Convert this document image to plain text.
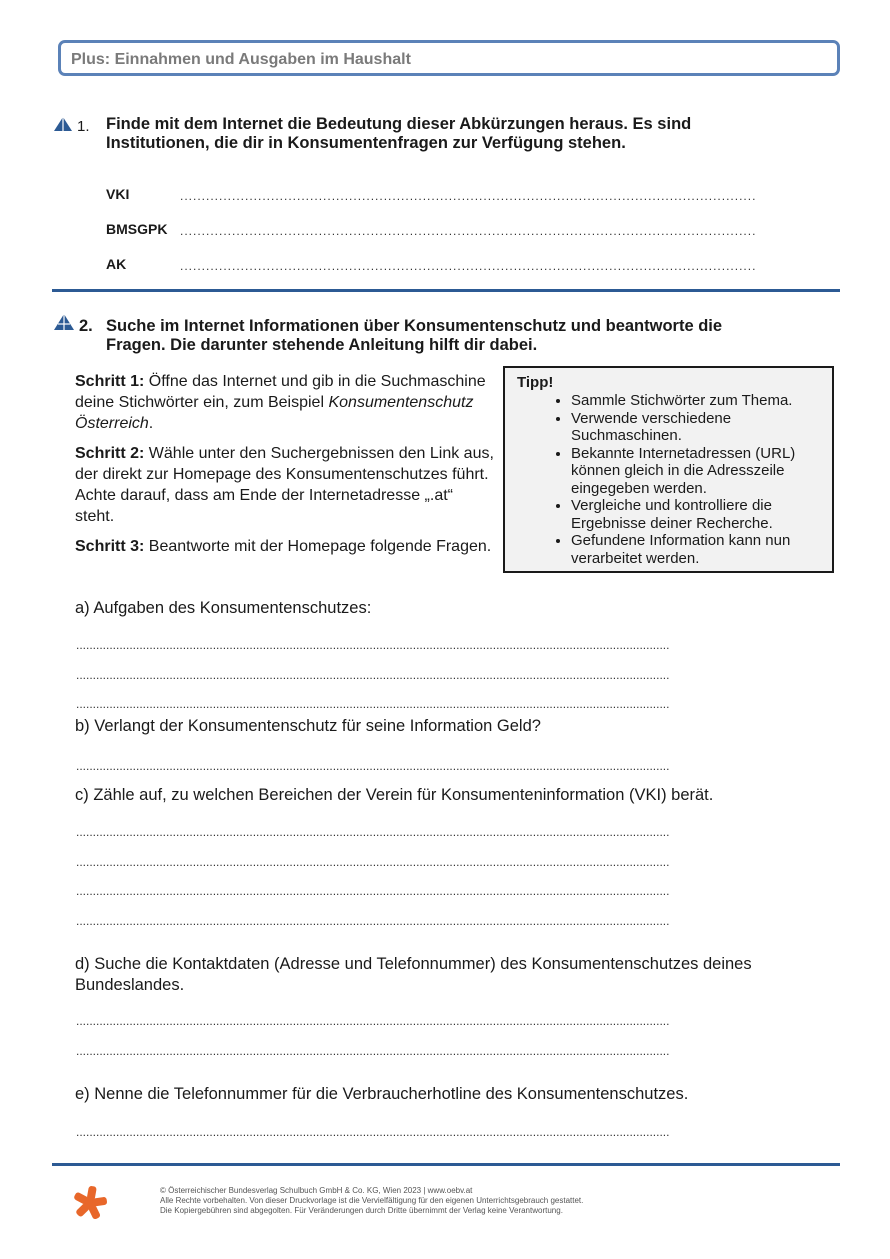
Plus: Einnahmen und Ausgaben im Haushalt
1. Finde mit dem Internet die Bedeutung dieser Abkürzungen heraus. Es sind
Institutionen, die dir in Konsumentenfragen zur Verfügung stehen.
VKI	.....................................................................................................................................
BMSGPK .....................................................................................................................................
AK	.....................................................................................................................................
2. Suche im Internet Informationen über Konsumentenschutz und beantworte die
Fragen. Die darunter stehende Anleitung hilft dir dabei.
Schritt 1: Öffne das Internet und gib in die Suchmaschine deine Stichwörter ein, zum Beispiel Konsumentenschutz Österreich.
Schritt 2: Wähle unter den Suchergebnissen den Link aus, der direkt zur Homepage des Konsumentenschutzes führt. Achte darauf, dass am Ende der Internetadresse „.at“ steht.
Schritt 3: Beantworte mit der Homepage folgende Fragen.
Tipp!
• Sammle Stichwörter zum Thema.
• Verwende verschiedene Suchmaschinen.
• Bekannte Internetadressen (URL) können gleich in die Adresszeile eingegeben werden.
• Vergleiche und kontrolliere die Ergebnisse deiner Recherche.
• Gefundene Information kann nun verarbeitet werden.
a) Aufgaben des Konsumentenschutzes:
..................................................................................................................................................................................
..................................................................................................................................................................................
..................................................................................................................................................................................
b) Verlangt der Konsumentenschutz für seine Information Geld?
..................................................................................................................................................................................
c) Zähle auf, zu welchen Bereichen der Verein für Konsumenteninformation (VKI) berät.
..................................................................................................................................................................................
..................................................................................................................................................................................
..................................................................................................................................................................................
..................................................................................................................................................................................
d) Suche die Kontaktdaten (Adresse und Telefonnummer) des Konsumentenschutzes deines
Bundeslandes.
..................................................................................................................................................................................
..................................................................................................................................................................................
e) Nenne die Telefonnummer für die Verbraucherhotline des Konsumentenschutzes.
..................................................................................................................................................................................
© Österreichischer Bundesverlag Schulbuch GmbH & Co. KG, Wien 2023 | www.oebv.at
Alle Rechte vorbehalten. Von dieser Druckvorlage ist die Vervielfältigung für den eigenen Unterrichtsgebrauch gestattet.
Die Kopiergebühren sind abgegolten. Für Veränderungen durch Dritte übernimmt der Verlag keine Verantwortung.
